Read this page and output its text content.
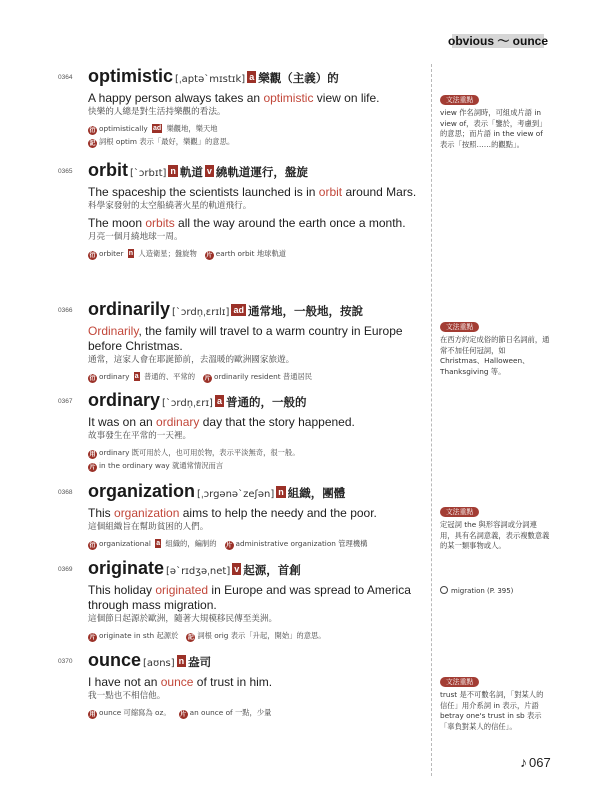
obvious ～ ounce
0364 optimistic [ˌaptəˋmɪstɪk] a 樂觀（主義）的
A happy person always takes an optimistic view on life.
快樂的人總是對生活持樂觀的看法。
衍 optimistically ad 樂觀地，樂天地
記 詞根 optim 表示「最好，樂觀」的意思。
0365 orbit [ˋɔrbɪt] n 軌道 v 繞軌道運行，盤旋
The spaceship the scientists launched is in orbit around Mars.
科學家發射的太空船繞著火星的軌道飛行。
The moon orbits all the way around the earth once a month.
月亮一個月繞地球一周。
衍 orbiter n 人造衛星；盤旋物 片 earth orbit 地球軌道
0366 ordinarily [ˋɔrdṇˌɛrɪlɪ] ad 通常地，一般地，按說
Ordinarily, the family will travel to a warm country in Europe before Christmas.
通常，這家人會在耶誕節前，去溫暖的歐洲國家旅遊。
衍 ordinary a 普通的、平常的 片 ordinarily resident 普通居民
0367 ordinary [ˋɔrdṇˌɛrɪ] a 普通的，一般的
It was on an ordinary day that the story happened.
故事發生在平常的一天裡。
用 ordinary 既可用於人，也可用於物，表示平淡無奇，很一般。
片 in the ordinary way 就通常情況而言
0368 organization [ˌɔrgənəˋzeʃən] n 組織，團體
This organization aims to help the needy and the poor.
這個組織旨在幫助貧困的人們。
衍 organizational a 組織的，編制的 片 administrative organization 管理機構
0369 originate [əˋrɪdʒəˌnet] v 起源，首創
This holiday originated in Europe and was spread to America through mass migration.
這個節日起源於歐洲，隨著大規模移民傳至美洲。
片 originate in sth 起源於 記 詞根 orig 表示「升起，開始」的意思。
0370 ounce [aʊns] n 盎司
I have not an ounce of trust in him.
我一點也不相信他。
用 ounce 可縮寫為 oz。 片 an ounce of 一點，少量
文法重點
view 作名詞時，可組成片語 in view of，表示「鑒於，考慮到」的意思；而片語 in the view of 表示「按照……的觀點」。
文法重點
在西方約定成俗的節日名詞前，通常不加任何冠詞，如 Christmas、Halloween、Thanksgiving 等。
文法重點
定冠詞 the 與形容詞或分詞連用，具有名詞意義，表示複數意義的某一類事物或人。
migration (P. 395)
文法重點
trust 是不可數名詞，「對某人的信任」用介系詞 in 表示，片語 betray one's trust in sb 表示「辜負對某人的信任」。
♪ 067
